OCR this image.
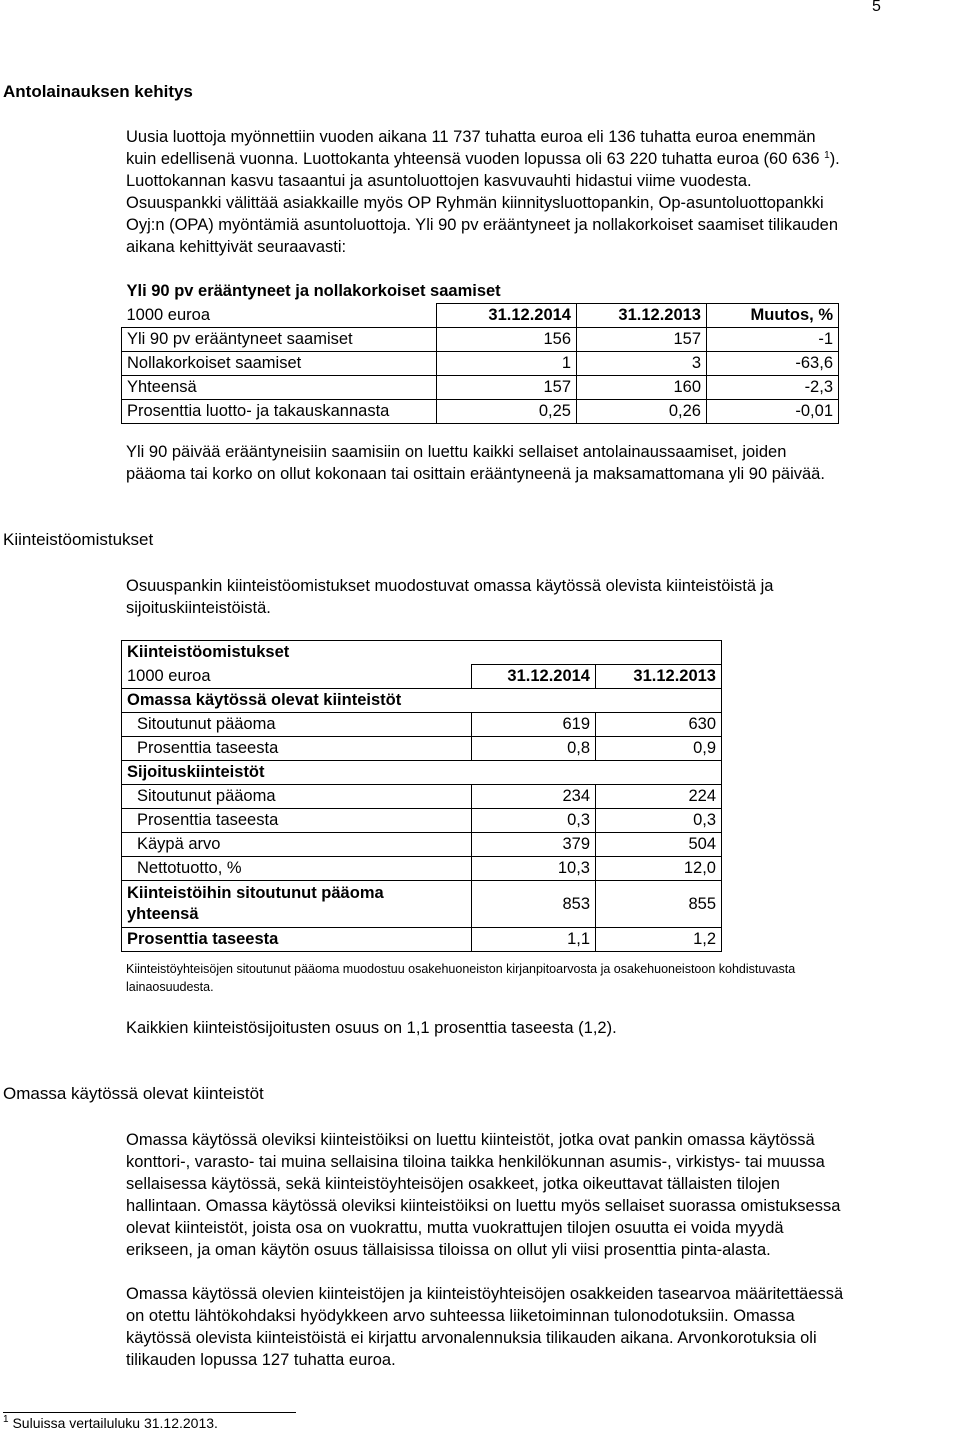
5
Antolainauksen kehitys
Uusia luottoja myönnettiin vuoden aikana 11 737 tuhatta euroa eli 136 tuhatta euroa enemmän
kuin edellisenä vuonna. Luottokanta yhteensä vuoden lopussa oli 63 220 tuhatta euroa (60 636 $^1$).
Luottokannan kasvu tasaantui ja asuntoluottojen kasvuvauhti hidastui viime vuodesta.
Osuuspankki välittää asiakkaille myös OP Ryhmän kiinnitysluottopankin, Op-asuntoluottopankki
Oyj:n (OPA) myöntämiä asuntoluottoja. Yli 90 pv erääntyneet ja nollakorkoiset saamiset tilikauden
aikana kehittyivät seuraavasti:
Yli 90 pv erääntyneet ja nollakorkoiset saamiset			
1000 euroa	31.12.2014	31.12.2013	Muutos, %
Yli 90 pv erääntyneet saamiset	156	157	-1
Nollakorkoiset saamiset	1	3	-63,6
Yhteensä	157	160	-2,3
Prosenttia luotto- ja takauskannasta	0,25	0,26	-0,01
Yli 90 päivää erääntyneisiin saamisiin on luettu kaikki sellaiset antolainaussaamiset, joiden
pääoma tai korko on ollut kokonaan tai osittain erääntyneenä ja maksamattomana yli 90 päivää.
Kiinteistöomistukset
Osuuspankin kiinteistöomistukset muodostuvat omassa käytössä olevista kiinteistöistä ja
sijoituskiinteistöistä.
Kiinteistöomistukset		
1000 euroa	31.12.2014	31.12.2013
Omassa käytössä olevat kiinteistöt		
Sitoutunut pääoma	619	630
Prosenttia taseesta	0,8	0,9
Sijoituskiinteistöt		
Sitoutunut pääoma	234	224
Prosenttia taseesta	0,3	0,3
Käypä arvo	379	504
Nettotuotto, %	10,3	12,0

Kiinteistöihin sitoutunut pääoma
yhteensä	853	855
Prosenttia taseesta	1,1	1,2
Kiinteistöyhteisöjen sitoutunut pääoma muodostuu osakehuoneiston kirjanpitoarvosta ja osakehuoneistoon kohdistuvasta
lainaosuudesta.
Kaikkien kiinteistösijoitusten osuus on 1,1 prosenttia taseesta (1,2).
Omassa käytössä olevat kiinteistöt
Omassa käytössä oleviksi kiinteistöiksi on luettu kiinteistöt, jotka ovat pankin omassa käytössä
konttori-, varasto- tai muina sellaisina tiloina taikka henkilökunnan asumis-, virkistys- tai muussa
sellaisessa käytössä, sekä kiinteistöyhteisöjen osakkeet, jotka oikeuttavat tällaisten tilojen
hallintaan. Omassa käytössä oleviksi kiinteistöiksi on luettu myös sellaiset suorassa omistuksessa
olevat kiinteistöt, joista osa on vuokrattu, mutta vuokrattujen tilojen osuutta ei voida myydä
erikseen, ja oman käytön osuus tällaisissa tiloissa on ollut yli viisi prosenttia pinta-alasta.
Omassa käytössä olevien kiinteistöjen ja kiinteistöyhteisöjen osakkeiden tasearvoa määritettäessä
on otettu lähtökohdaksi hyödykkeen arvo suhteessa liiketoiminnan tulonodotuksiin. Omassa
käytössä olevista kiinteistöistä ei kirjattu arvonalennuksia tilikauden aikana. Arvonkorotuksia oli
tilikauden lopussa 127 tuhatta euroa.
$^1$ Suluissa vertailuluku 31.12.2013.
